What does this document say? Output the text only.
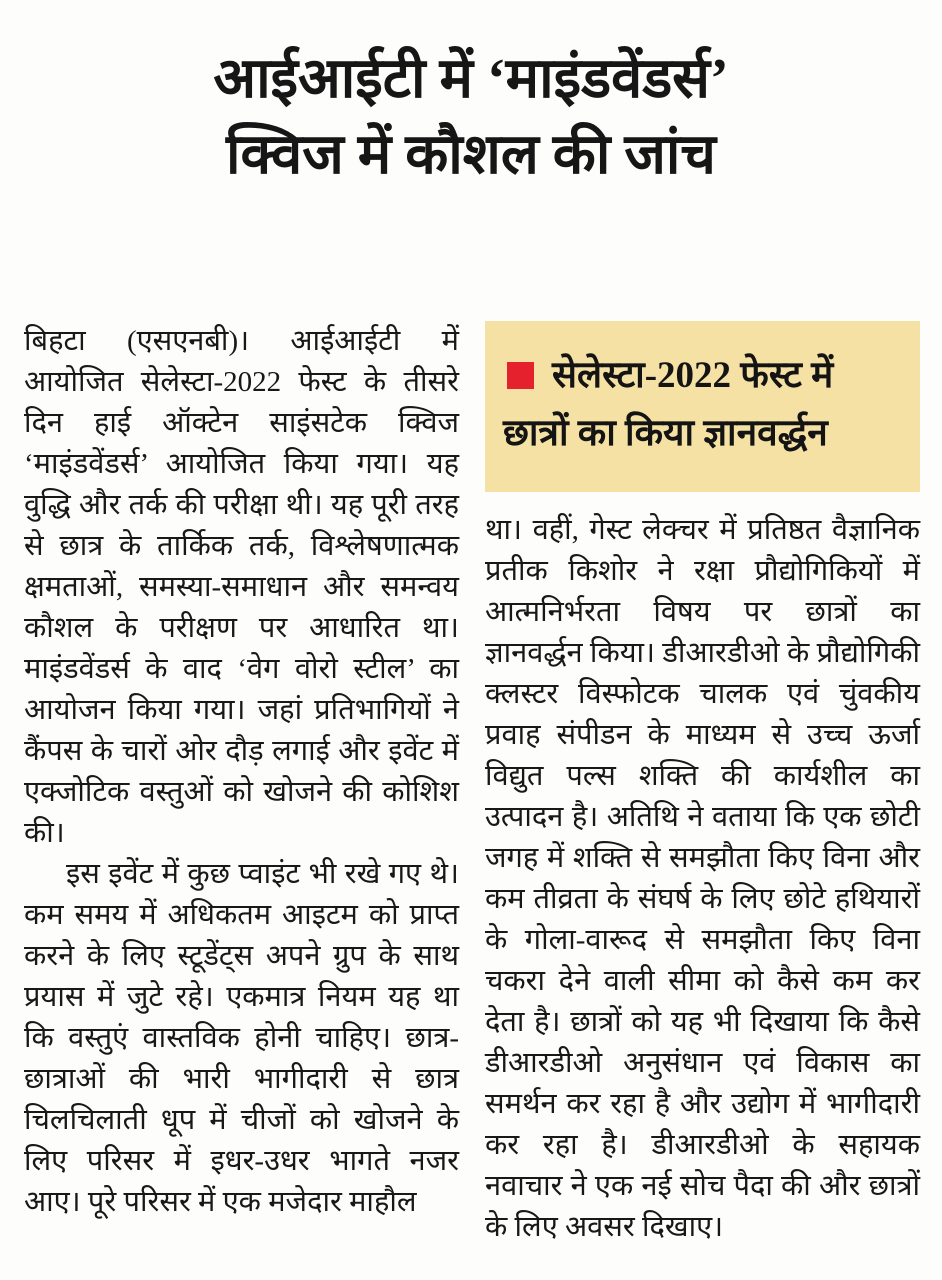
आईआईटी में ‘माइंडवेंडर्स’
क्विज में कौशल की जांच

बिहटा (एसएनबी)। आईआईटी में आयोजित सेलेस्टा-2022 फेस्ट के तीसरे दिन हाई ऑक्टेन साइंसटेक क्विज ‘माइंडवेंडर्स’ आयोजित किया गया। यह वुद्धि और तर्क की परीक्षा थी। यह पूरी तरह से छात्र के तार्किक तर्क, विश्लेषणात्मक क्षमताओं, समस्या-समाधान और समन्वय कौशल के परीक्षण पर आधारित था। माइंडवेंडर्स के वाद ‘वेग वोरो स्टील’ का आयोजन किया गया। जहां प्रतिभागियों ने कैंपस के चारों ओर दौड़ लगाई और इवेंट में एक्जोटिक वस्तुओं को खोजने की कोशिश की।

इस इवेंट में कुछ प्वाइंट भी रखे गए थे। कम समय में अधिकतम आइटम को प्राप्त करने के लिए स्टूडेंट्स अपने ग्रुप के साथ प्रयास में जुटे रहे। एकमात्र नियम यह था कि वस्तुएं वास्तविक होनी चाहिए। छात्र-छात्राओं की भारी भागीदारी से छात्र चिलचिलाती धूप में चीजों को खोजने के लिए परिसर में इधर-उधर भागते नजर आए। पूरे परिसर में एक मजेदार माहौल

सेलेस्टा-2022 फेस्ट में छात्रों का किया ज्ञानवर्द्धन

था। वहीं, गेस्ट लेक्चर में प्रतिष्ठत वैज्ञानिक प्रतीक किशोर ने रक्षा प्रौद्योगिकियों में आत्मनिर्भरता विषय पर छात्रों का ज्ञानवर्द्धन किया। डीआरडीओ के प्रौद्योगिकी क्लस्टर विस्फोटक चालक एवं चुंवकीय प्रवाह संपीडन के माध्यम से उच्च ऊर्जा विद्युत पल्स शक्ति की कार्यशील का उत्पादन है। अतिथि ने वताया कि एक छोटी जगह में शक्ति से समझौता किए विना और कम तीव्रता के संघर्ष के लिए छोटे हथियारों के गोला-वारूद से समझौता किए विना चकरा देने वाली सीमा को कैसे कम कर देता है। छात्रों को यह भी दिखाया कि कैसे डीआरडीओ अनुसंधान एवं विकास का समर्थन कर रहा है और उद्योग में भागीदारी कर रहा है। डीआरडीओ के सहायक नवाचार ने एक नई सोच पैदा की और छात्रों के लिए अवसर दिखाए।
